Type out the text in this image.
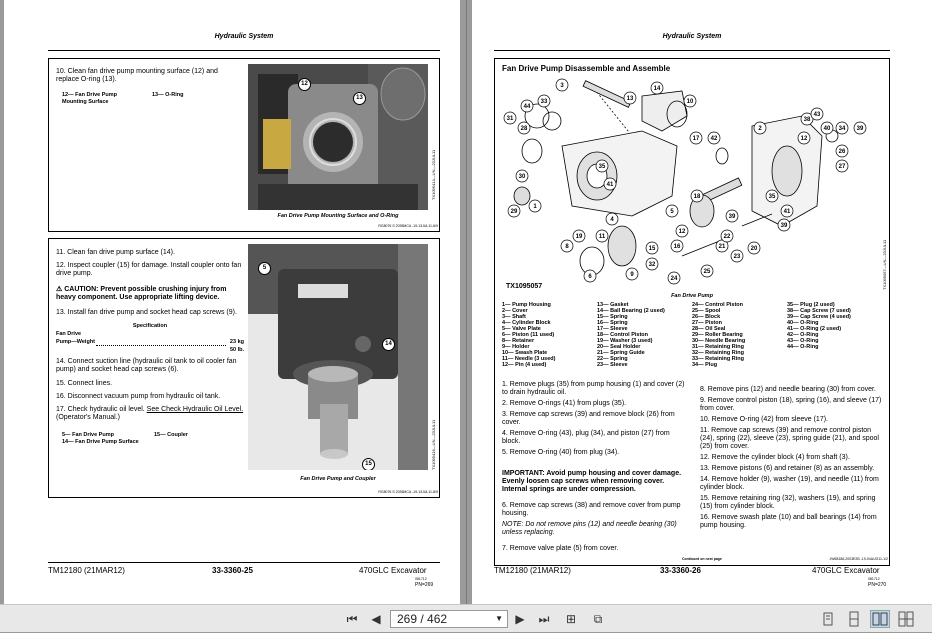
Hydraulic System
10. Clean fan drive pump mounting surface (12) and replace O-ring (13).
12— Fan Drive Pump Mounting Surface
13— O-Ring
12
13
TX1095414—UN—23JUL11
Fan Drive Pump Mounting Surface and O-Ring
RG8076 S 2035MCA -19-13JUL11-6/9
11. Clean fan drive pump surface (14).
12. Inspect coupler (15) for damage. Install coupler onto fan drive pump.
⚠ CAUTION: Prevent possible crushing injury from heavy component. Use appropriate lifting device.
13. Install fan drive pump and socket head cap screws (9).
Specification
Fan Drive
Pump—Weight	23 kg
50 lb.
14. Connect suction line (hydraulic oil tank to oil cooler fan pump) and socket head cap screws (6).
15. Connect lines.
16. Disconnect vacuum pump from hydraulic oil tank.
17. Check hydraulic oil level. See Check Hydraulic Oil Level. (Operator's Manual.)
5— Fan Drive Pump
14— Fan Drive Pump Surface
15— Coupler
5
14
15	TX1095416—UN—23JUL11
Fan Drive Pump and Coupler
RG8076 S 2035MCA -19-13JUL11-8/9
TM12180 (21MAR12)	33-3360-25	470GLC Excavator
081712
PN=269
Hydraulic System
Fan Drive Pump Disassemble and Assemble
3
44
33
31
28
30
29
1
13
14
10
41
35
4
8
19	11
6	9
32
15
5
16
12
18
42
17
39
21
25
24
23
22
20
2
38
12
40
43
34
27
26
35
41
39
39
TX1095057	TX1095057—UN—23JUL11
Fan Drive Pump
1— Pump Housing	13— Gasket	24— Control Piston	35— Plug (2 used)
2— Cover	14— Ball Bearing (2 used)	25— Spool	38— Cap Screw (7 used)
3— Shaft	15— Spring	26— Block	39— Cap Screw (4 used)
4— Cylinder Block	16— Spring	27— Piston	40— O-Ring
5— Valve Plate	17— Sleeve	28— Oil Seal	41— O-Ring (2 used)
6— Piston (11 used)	18— Control Piston	29— Roller Bearing	42— O-Ring
8— Retainer	19— Washer (3 used)	30— Needle Bearing	43— O-Ring
9— Holder	20— Seal Holder	31— Retaining Ring	44— O-Ring
10— Swash Plate	21— Spring Guide	32— Retaining Ring
11— Needle (3 used)	22— Spring	33— Retaining Ring
12— Pin (4 used)	23— Sleeve	34— Plug
1. Remove plugs (35) from pump housing (1) and cover (2) to drain hydraulic oil.
2. Remove O-rings (41) from plugs (35).
3. Remove cap screws (39) and remove block (26) from cover.
4. Remove O-ring (43), plug (34), and piston (27) from block.
5. Remove O-ring (40) from plug (34).
IMPORTANT: Avoid pump housing and cover damage. Evenly loosen cap screws when removing cover. Internal springs are under compression.
6. Remove cap screws (38) and remove cover from pump housing.
NOTE: Do not remove pins (12) and needle bearing (30) unless replacing.
7. Remove valve plate (5) from cover.
8. Remove pins (12) and needle bearing (30) from cover.
9. Remove control piston (18), spring (16), and sleeve (17) from cover.
10. Remove O-ring (42) from sleeve (17).
11. Remove cap screws (39) and remove control piston (24), spring (22), sleeve (23), spring guide (21), and spool (25) from cover.
12. Remove the cylinder block (4) from shaft (3).
13. Remove pistons (6) and retainer (8) as an assembly.
14. Remove holder (9), washer (19), and needle (11) from cylinder block.
15. Remove retaining ring (32), washers (19), and spring (15) from cylinder block.
16. Remove swash plate (10) and ball bearings (14) from pump housing.
Continued on next page	JW68186,2003E2B -19-04AUG11-1/2
TM12180 (21MAR12)	33-3360-26	470GLC Excavator
081712
PN=270
⏮ ◀	269 / 462	▼ ▶ ⏭ ⊞	⧉
